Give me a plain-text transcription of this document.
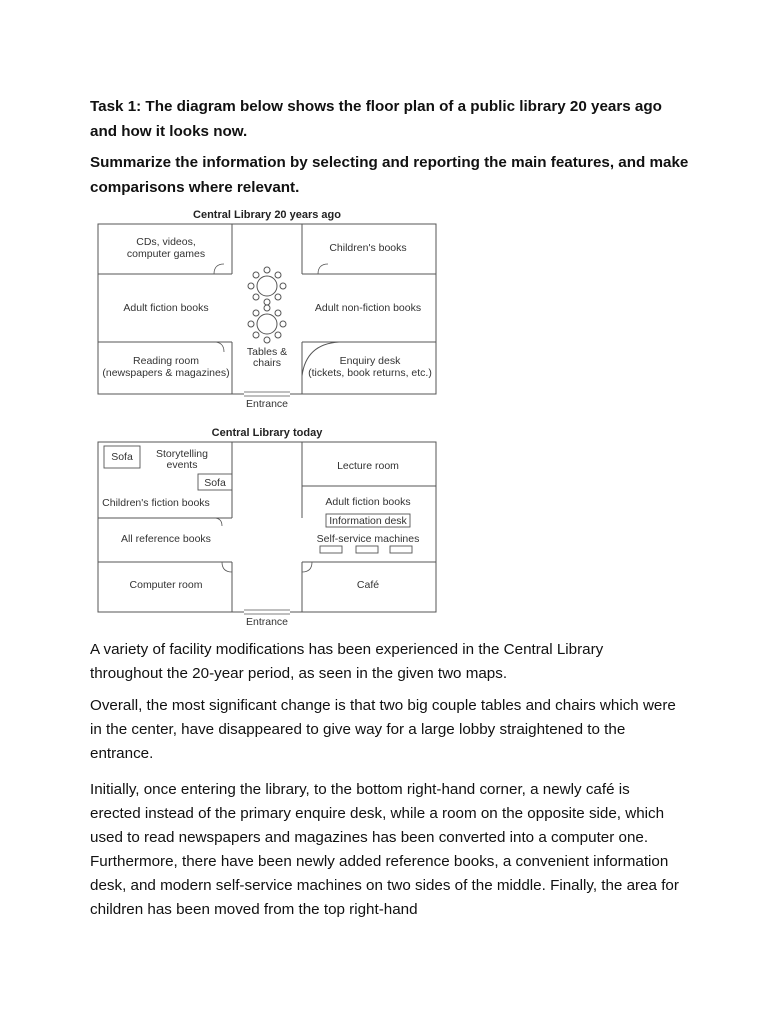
Task 1: The diagram below shows the floor plan of a public library 20 years ago and how it looks now.

Summarize the information by selecting and reporting the main features, and make comparisons where relevant.

Central Library 20 years ago
CDs, videos,
computer games	Children's books
Adult fiction books	Adult non-fiction books
Tables &
chairs
Reading room
(newspapers & magazines)
Enquiry desk
(tickets, book returns, etc.)
Entrance
Central Library today
Sofa Storytelling
events
Sofa
Children's fiction books
All reference books
Lecture room
Adult fiction books
Information desk
Self-service machines
Computer room	Café
Entrance

A variety of facility modifications has been experienced in the Central Library throughout the 20-year period, as seen in the given two maps.

Overall, the most significant change is that two big couple tables and chairs which were in the center, have disappeared to give way for a large lobby straightened to the entrance.

Initially, once entering the library, to the bottom right-hand corner, a newly café is erected instead of the primary enquire desk, while a room on the opposite side, which used to read newspapers and magazines has been converted into a computer one. Furthermore, there have been newly added reference books, a convenient information desk, and modern self-service machines on two sides of the middle. Finally, the area for children has been moved from the top right-hand
